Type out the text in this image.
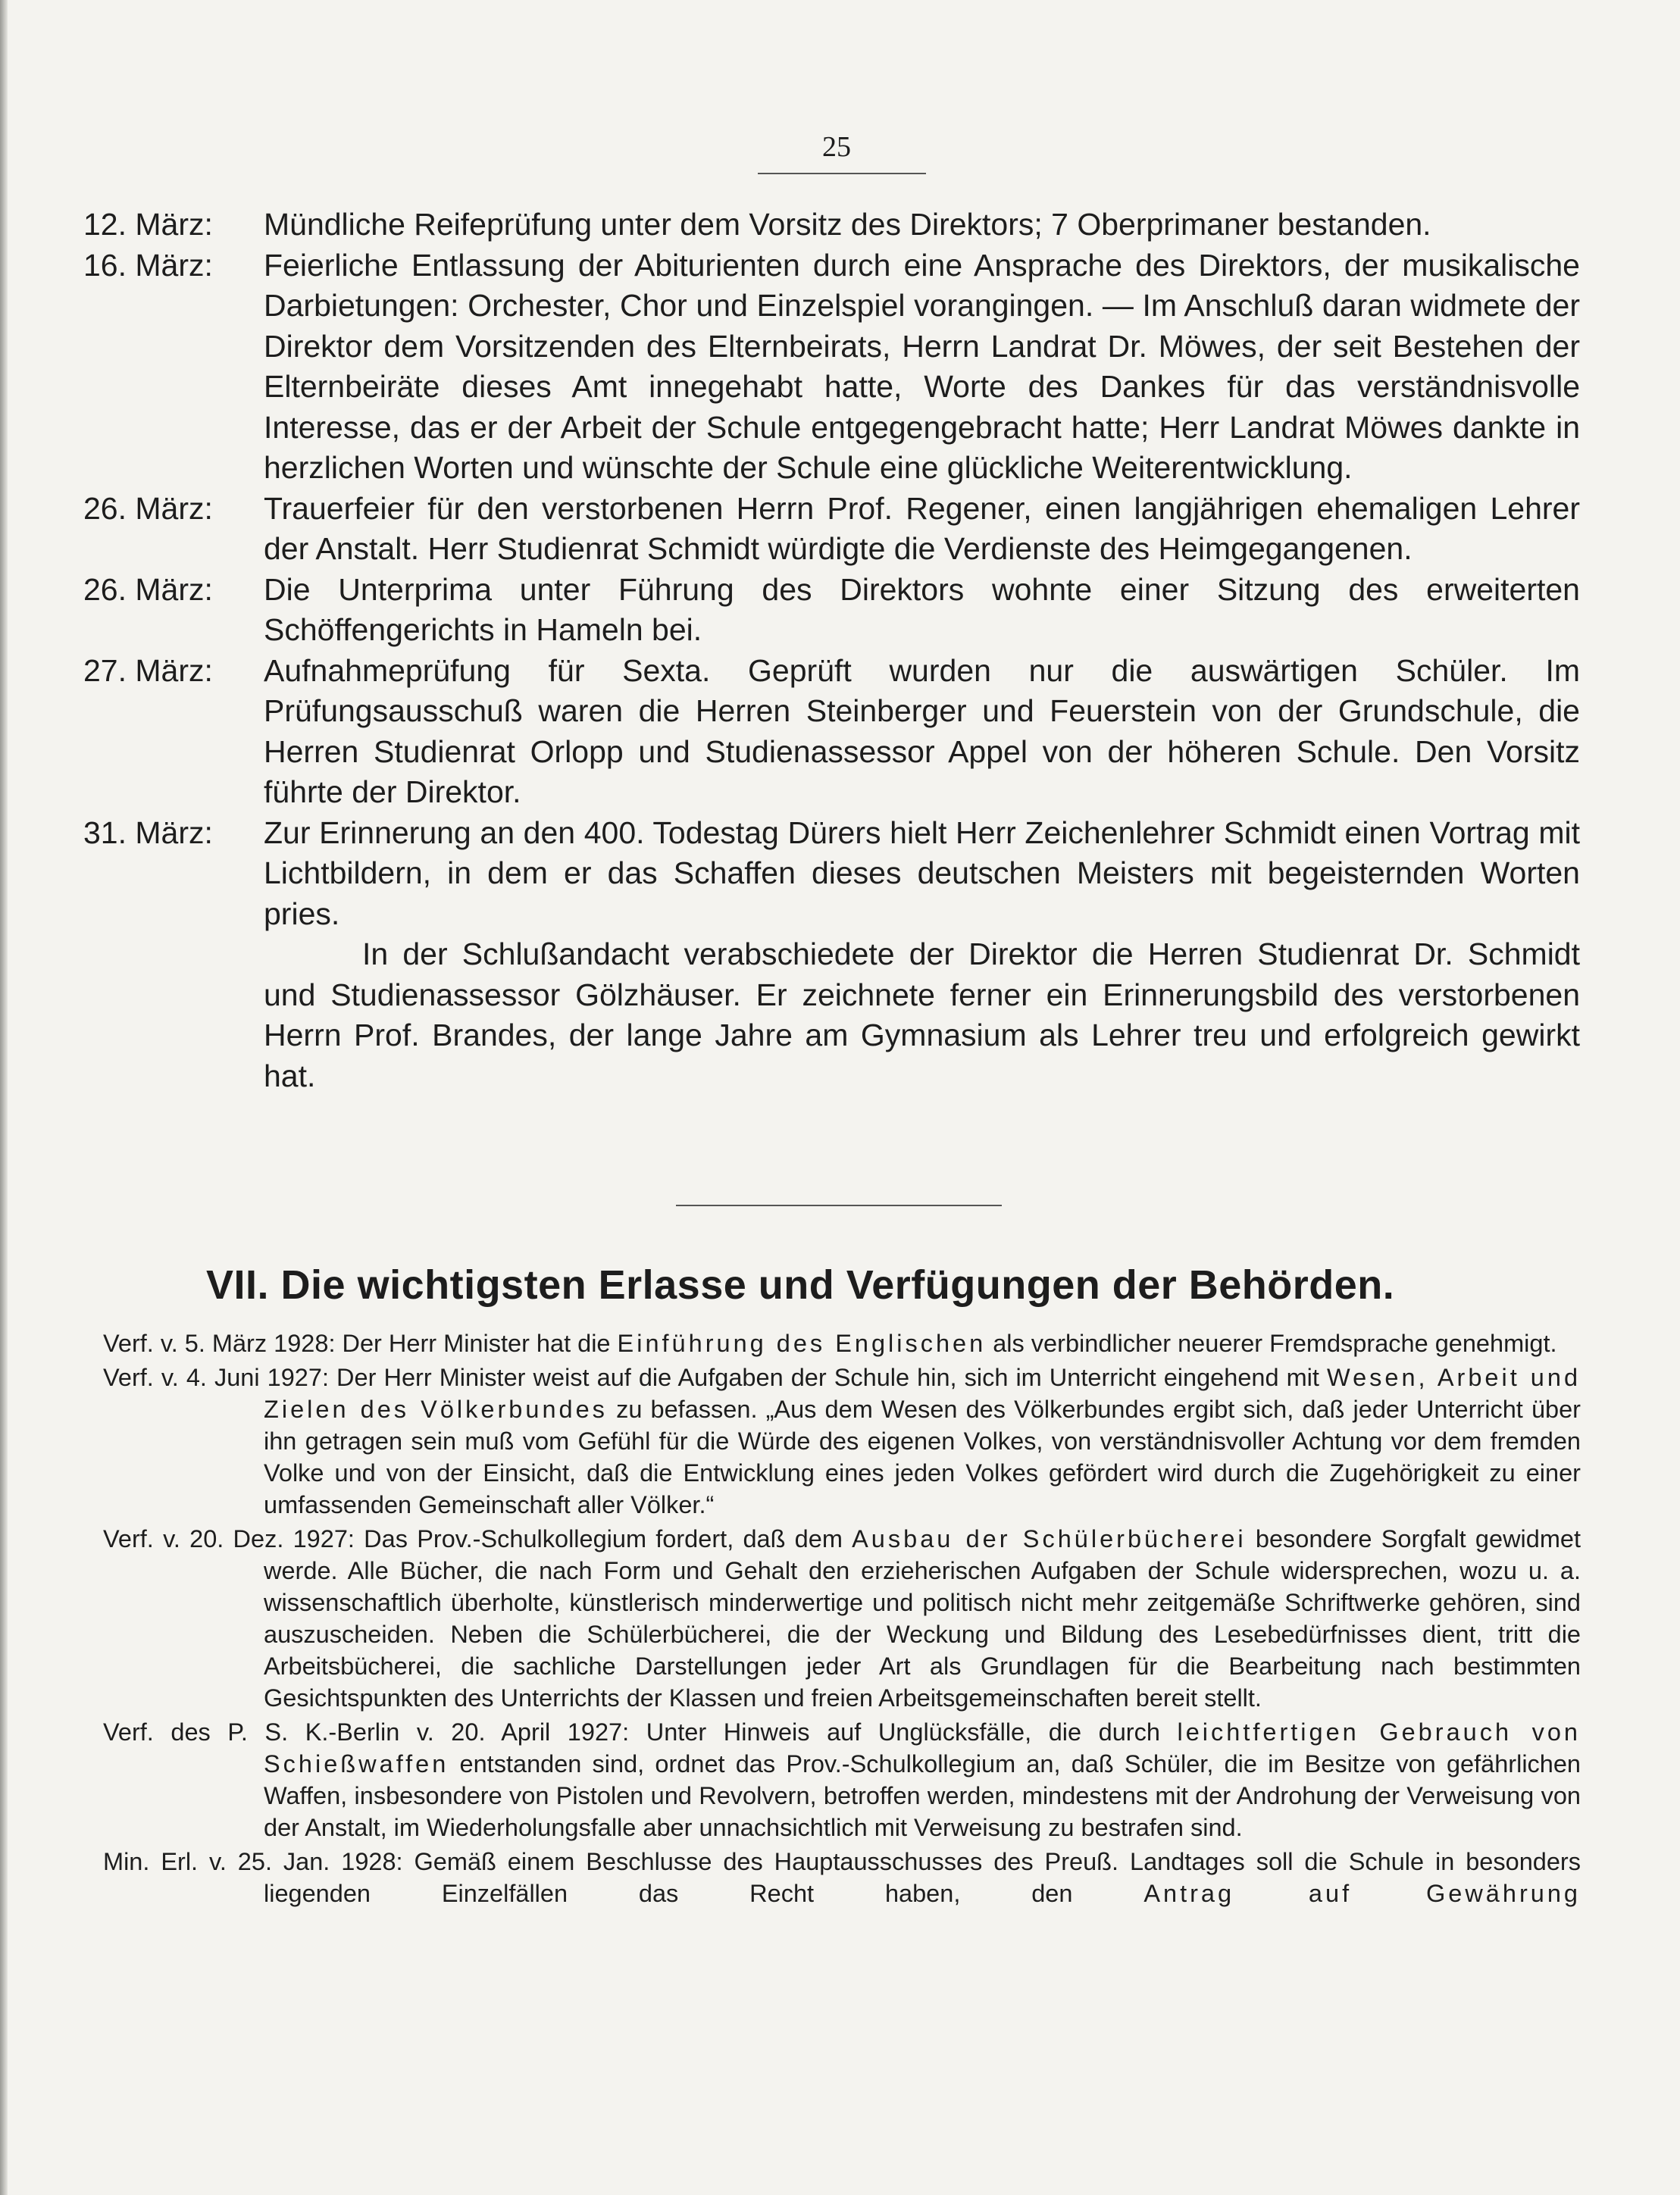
25
12. März:	Mündliche Reifeprüfung unter dem Vorsitz des Direktors; 7 Oberprimaner bestanden.
16. März:	Feierliche Entlassung der Abiturienten durch eine Ansprache des Direktors, der musikalische Darbietungen: Orchester, Chor und Einzelspiel vorangingen. — Im Anschluß daran widmete der Direktor dem Vorsitzenden des Elternbeirats, Herrn Landrat Dr. Möwes, der seit Bestehen der Elternbeiräte dieses Amt innegehabt hatte, Worte des Dankes für das verständnisvolle Interesse, das er der Arbeit der Schule entgegengebracht hatte; Herr Landrat Möwes dankte in herzlichen Worten und wünschte der Schule eine glückliche Weiterentwicklung.
26. März:	Trauerfeier für den verstorbenen Herrn Prof. Regener, einen langjährigen ehemaligen Lehrer der Anstalt. Herr Studienrat Schmidt würdigte die Verdienste des Heimgegangenen.
26. März:	Die Unterprima unter Führung des Direktors wohnte einer Sitzung des erweiterten Schöffengerichts in Hameln bei.
27. März:	Aufnahmeprüfung für Sexta. Geprüft wurden nur die auswärtigen Schüler. Im Prüfungsausschuß waren die Herren Steinberger und Feuerstein von der Grundschule, die Herren Studienrat Orlopp und Studienassessor Appel von der höheren Schule. Den Vorsitz führte der Direktor.
31. März:	Zur Erinnerung an den 400. Todestag Dürers hielt Herr Zeichenlehrer Schmidt einen Vortrag mit Lichtbildern, in dem er das Schaffen dieses deutschen Meisters mit begeisternden Worten pries.
In der Schlußandacht verabschiedete der Direktor die Herren Studienrat Dr. Schmidt und Studienassessor Gölzhäuser. Er zeichnete ferner ein Erinnerungsbild des verstorbenen Herrn Prof. Brandes, der lange Jahre am Gymnasium als Lehrer treu und erfolgreich gewirkt hat.
VII. Die wichtigsten Erlasse und Verfügungen der Behörden.
Verf. v. 5. März 1928: Der Herr Minister hat die Einführung des Englischen als verbindlicher neuerer Fremdsprache genehmigt.
Verf. v. 4. Juni 1927: Der Herr Minister weist auf die Aufgaben der Schule hin, sich im Unterricht eingehend mit Wesen, Arbeit und Zielen des Völkerbundes zu befassen. „Aus dem Wesen des Völkerbundes ergibt sich, daß jeder Unterricht über ihn getragen sein muß vom Gefühl für die Würde des eigenen Volkes, von verständnisvoller Achtung vor dem fremden Volke und von der Einsicht, daß die Entwicklung eines jeden Volkes gefördert wird durch die Zugehörigkeit zu einer umfassenden Gemeinschaft aller Völker.“
Verf. v. 20. Dez. 1927: Das Prov.-Schulkollegium fordert, daß dem Ausbau der Schülerbücherei besondere Sorgfalt gewidmet werde. Alle Bücher, die nach Form und Gehalt den erzieherischen Aufgaben der Schule widersprechen, wozu u. a. wissenschaftlich überholte, künstlerisch minderwertige und politisch nicht mehr zeitgemäße Schriftwerke gehören, sind auszuscheiden. Neben die Schülerbücherei, die der Weckung und Bildung des Lesebedürfnisses dient, tritt die Arbeitsbücherei, die sachliche Darstellungen jeder Art als Grundlagen für die Bearbeitung nach bestimmten Gesichtspunkten des Unterrichts der Klassen und freien Arbeitsgemeinschaften bereit stellt.
Verf. des P. S. K.-Berlin v. 20. April 1927: Unter Hinweis auf Unglücksfälle, die durch leichtfertigen Gebrauch von Schießwaffen entstanden sind, ordnet das Prov.-Schulkollegium an, daß Schüler, die im Besitze von gefährlichen Waffen, insbesondere von Pistolen und Revolvern, betroffen werden, mindestens mit der Androhung der Verweisung von der Anstalt, im Wiederholungsfalle aber unnachsichtlich mit Verweisung zu bestrafen sind.
Min. Erl. v. 25. Jan. 1928: Gemäß einem Beschlusse des Hauptausschusses des Preuß. Landtages soll die Schule in besonders liegenden Einzelfällen das Recht haben, den	Antrag auf Gewährung
